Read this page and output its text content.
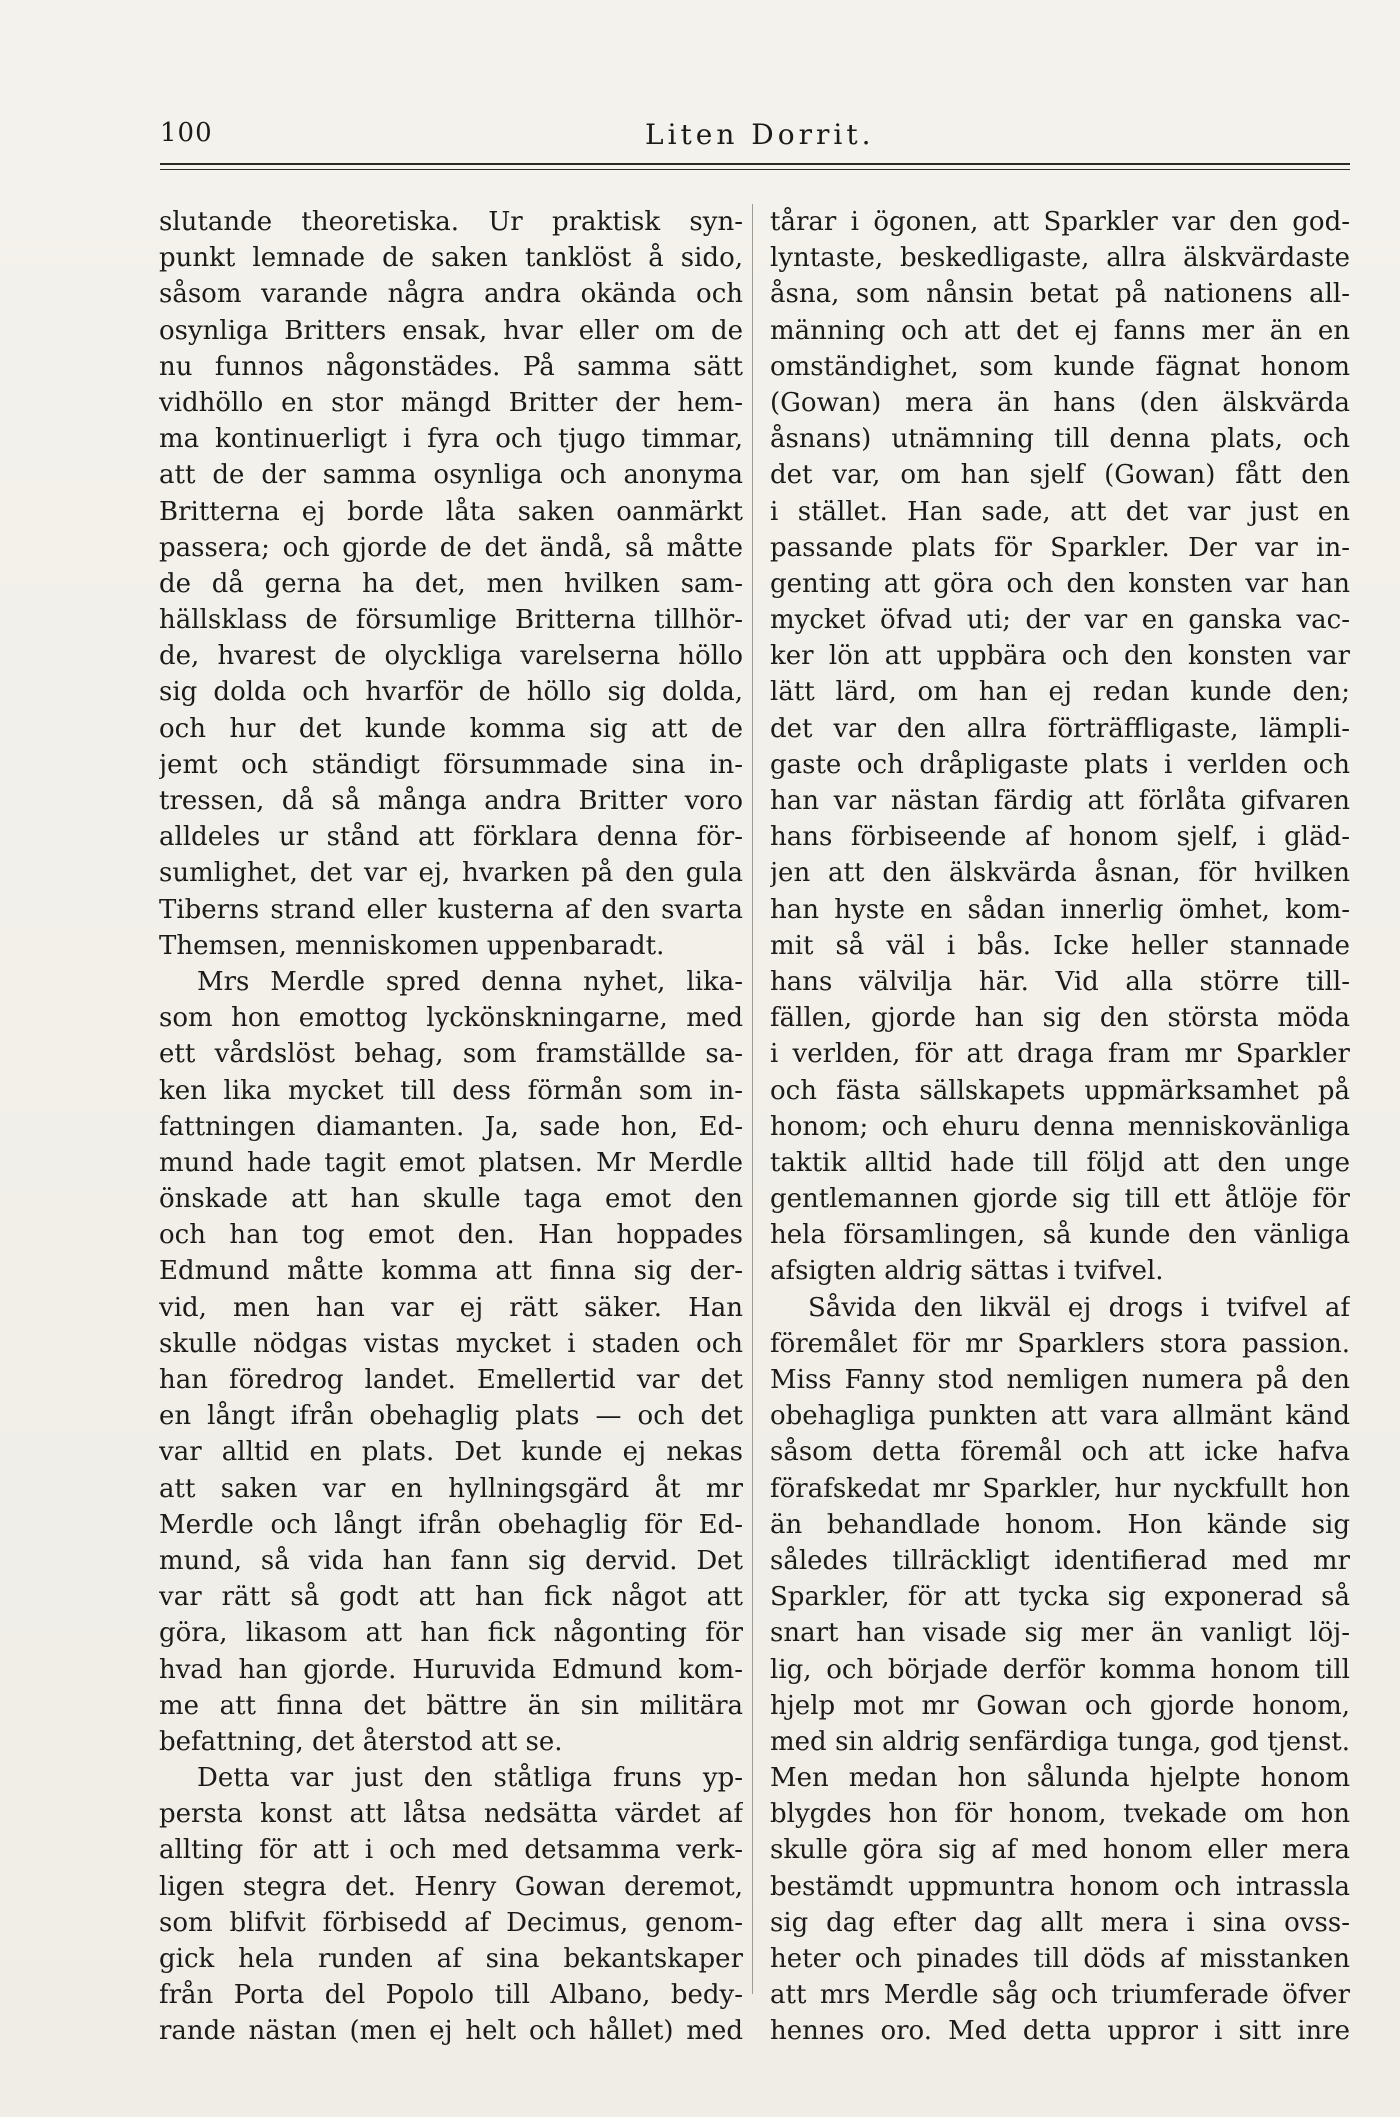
100	Liten Dorrit.
slutande theoretiska. Ur praktisk syn-
punkt lemnade de saken tanklöst å sido,
såsom varande några andra okända och
osynliga Britters ensak, hvar eller om de
nu funnos någonstädes. På samma sätt
vidhöllo en stor mängd Britter der hem-
ma kontinuerligt i fyra och tjugo timmar,
att de der samma osynliga och anonyma
Britterna ej borde låta saken oanmärkt
passera; och gjorde de det ändå, så måtte
de då gerna ha det, men hvilken sam-
hällsklass de försumlige Britterna tillhör-
de, hvarest de olyckliga varelserna höllo
sig dolda och hvarför de höllo sig dolda,
och hur det kunde komma sig att de
jemt och ständigt försummade sina in-
tressen, då så många andra Britter voro
alldeles ur stånd att förklara denna för-
sumlighet, det var ej, hvarken på den gula
Tiberns strand eller kusterna af den svarta
Themsen, menniskomen uppenbaradt.
Mrs Merdle spred denna nyhet, lika-
som hon emottog lyckönskningarne, med
ett vårdslöst behag, som framställde sa-
ken lika mycket till dess förmån som in-
fattningen diamanten. Ja, sade hon, Ed-
mund hade tagit emot platsen. Mr Merdle
önskade att han skulle taga emot den
och han tog emot den. Han hoppades
Edmund måtte komma att finna sig der-
vid, men han var ej rätt säker. Han
skulle nödgas vistas mycket i staden och
han föredrog landet. Emellertid var det
en långt ifrån obehaglig plats — och det
var alltid en plats. Det kunde ej nekas
att saken var en hyllningsgärd åt mr
Merdle och långt ifrån obehaglig för Ed-
mund, så vida han fann sig dervid. Det
var rätt så godt att han fick något att
göra, likasom att han fick någonting för
hvad han gjorde. Huruvida Edmund kom-
me att finna det bättre än sin militära
befattning, det återstod att se.
Detta var just den ståtliga fruns yp-
persta konst att låtsa nedsätta värdet af
allting för att i och med detsamma verk-
ligen stegra det. Henry Gowan deremot,
som blifvit förbisedd af Decimus, genom-
gick hela runden af sina bekantskaper
från Porta del Popolo till Albano, bedy-
rande nästan (men ej helt och hållet) med
tårar i ögonen, att Sparkler var den god-
lyntaste, beskedligaste, allra älskvärdaste
åsna, som nånsin betat på nationens all-
männing och att det ej fanns mer än en
omständighet, som kunde fägnat honom
(Gowan) mera än hans (den älskvärda
åsnans) utnämning till denna plats, och
det var, om han sjelf (Gowan) fått den
i stället. Han sade, att det var just en
passande plats för Sparkler. Der var in-
genting att göra och den konsten var han
mycket öfvad uti; der var en ganska vac-
ker lön att uppbära och den konsten var
lätt lärd, om han ej redan kunde den;
det var den allra förträffligaste, lämpli-
gaste och dråpligaste plats i verlden och
han var nästan färdig att förlåta gifvaren
hans förbiseende af honom sjelf, i gläd-
jen att den älskvärda åsnan, för hvilken
han hyste en sådan innerlig ömhet, kom-
mit så väl i bås. Icke heller stannade
hans välvilja här. Vid alla större till-
fällen, gjorde han sig den största möda
i verlden, för att draga fram mr Sparkler
och fästa sällskapets uppmärksamhet på
honom; och ehuru denna menniskovänliga
taktik alltid hade till följd att den unge
gentlemannen gjorde sig till ett åtlöje för
hela församlingen, så kunde den vänliga
afsigten aldrig sättas i tvifvel.
Såvida den likväl ej drogs i tvifvel af
föremålet för mr Sparklers stora passion.
Miss Fanny stod nemligen numera på den
obehagliga punkten att vara allmänt känd
såsom detta föremål och att icke hafva
förafskedat mr Sparkler, hur nyckfullt hon
än behandlade honom. Hon kände sig
således tillräckligt identifierad med mr
Sparkler, för att tycka sig exponerad så
snart han visade sig mer än vanligt löj-
lig, och började derför komma honom till
hjelp mot mr Gowan och gjorde honom,
med sin aldrig senfärdiga tunga, god tjenst.
Men medan hon sålunda hjelpte honom
blygdes hon för honom, tvekade om hon
skulle göra sig af med honom eller mera
bestämdt uppmuntra honom och intrassla
sig dag efter dag allt mera i sina ovss-
heter och pinades till döds af misstanken
att mrs Merdle såg och triumferade öfver
hennes oro. Med detta uppror i sitt inre
